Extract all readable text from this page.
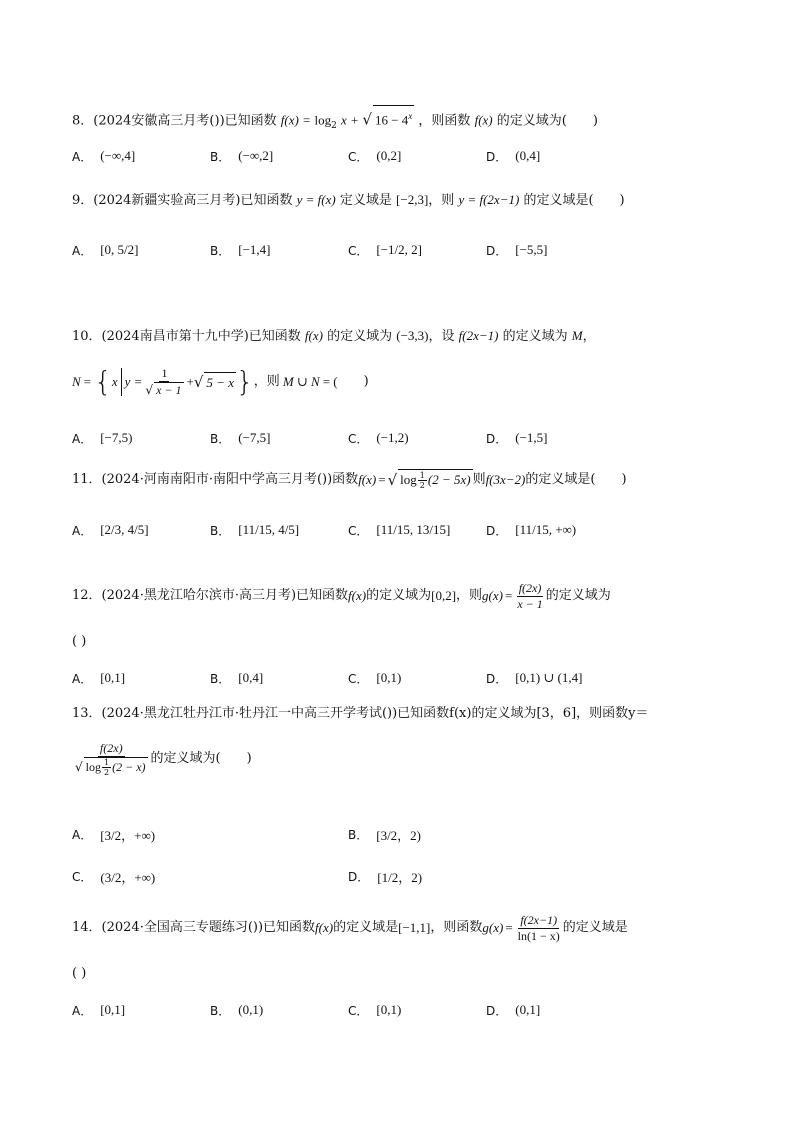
8．(2024安徽高三月考())已知函数 $f(x) = \log_2 x$ + √ $16 - 4^x$ ，则函数 f(x) 的定义域为( )
A． (−∞,4]	B． (−∞,2]	C． (0,2]	D． (0,4]
9．(2024新疆实验高三月考)已知函数 y = f(x) 定义域是 [−2,3]，则 y = f(2x−1) 的定义域是( )
A． [0, 5/2]	B． [−1,4]	C． [−1/2, 2]	D． [−5,5]
10．(2024南昌市第十九中学)已知函数 f(x) 的定义域为 (−3,3)，设 f(2x−1) 的定义域为 M，
N = { x $y = \frac{1}{√ x - 1}$ + √ 5 − x } ，则 M ∪ N = ( )
A． [−7,5)	B． (−7,5]	C． (−1,2)	D． (−1,5]
11．(2024·河南南阳市·南阳中学高三月考())函数 f(x) = √ $\log \frac{1}{2} (2 - 5x)$ 则 f(3x−2) 的定义域是( )
A． [2/3, 4/5]	B． [11/15, 4/5]	C． [11/15, 13/15]	D． [11/15, +∞)
12．(2024·黑龙江哈尔滨市·高三月考)已知函数 f(x) 的定义域为 [0,2] ，则 $g(x) = \frac{f(2x)}{x - 1}$ 的定义域为
( )
A． [0,1]	B． [0,4]	C． [0,1)	D． [0,1) ∪ (1,4]
13．(2024·黑龙江牡丹江市·牡丹江一中高三开学考试())已知函数f(x)的定义域为[3，6]，则函数y＝
$\frac{f(2x)}{√ \log \frac{1}{2} (2 - x)}$ 的定义域为( )
A． [3/2，+∞)	B． [3/2，2)
C． (3/2，+∞)	D． [1/2，2)
14．(2024·全国高三专题练习())已知函数 f(x) 的定义域是 [−1,1] ，则函数 $g(x) = \frac{f(2x-1)}{\ln(1 - x)}$ 的定义域是
( )
A． [0,1]	B． (0,1)	C． [0,1)	D． (0,1]
